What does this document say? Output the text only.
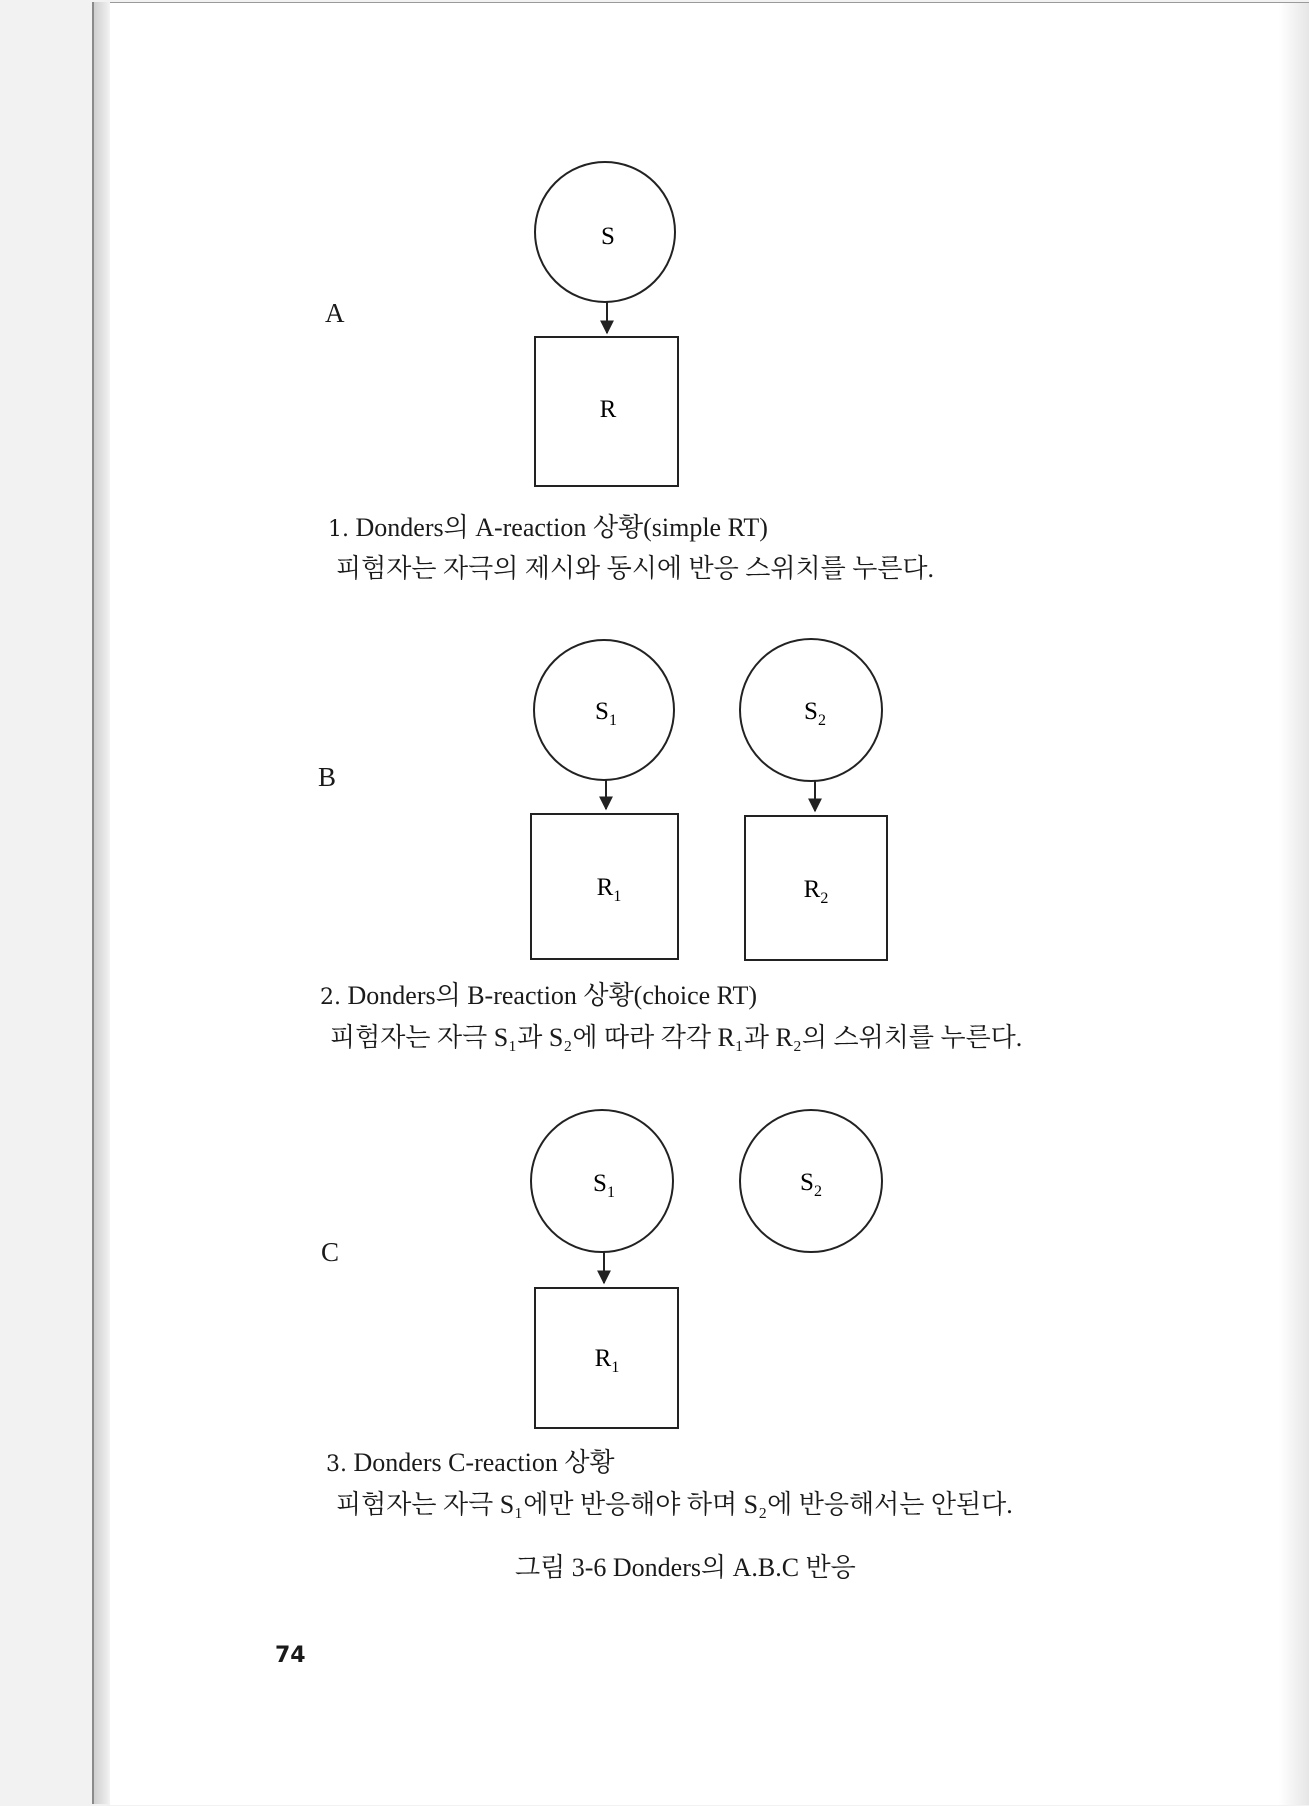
S
R
$S_1$
$R_1$
$S_2$
$R_2$
$S_1$
$R_1$
$S_2$
A
B
C
1. Donders의 A-reaction 상황(simple RT)
피험자는 자극의 제시와 동시에 반응 스위치를 누른다.
2. Donders의 B-reaction 상황(choice RT)
피험자는 자극 S₁과 S₂에 따라 각각 R₁과 R₂의 스위치를 누른다.
3. Donders C-reaction 상황
피험자는 자극 S₁에만 반응해야 하며 S₂에 반응해서는 안된다.
그림 3-6 Donders의 A.B.C 반응
74
